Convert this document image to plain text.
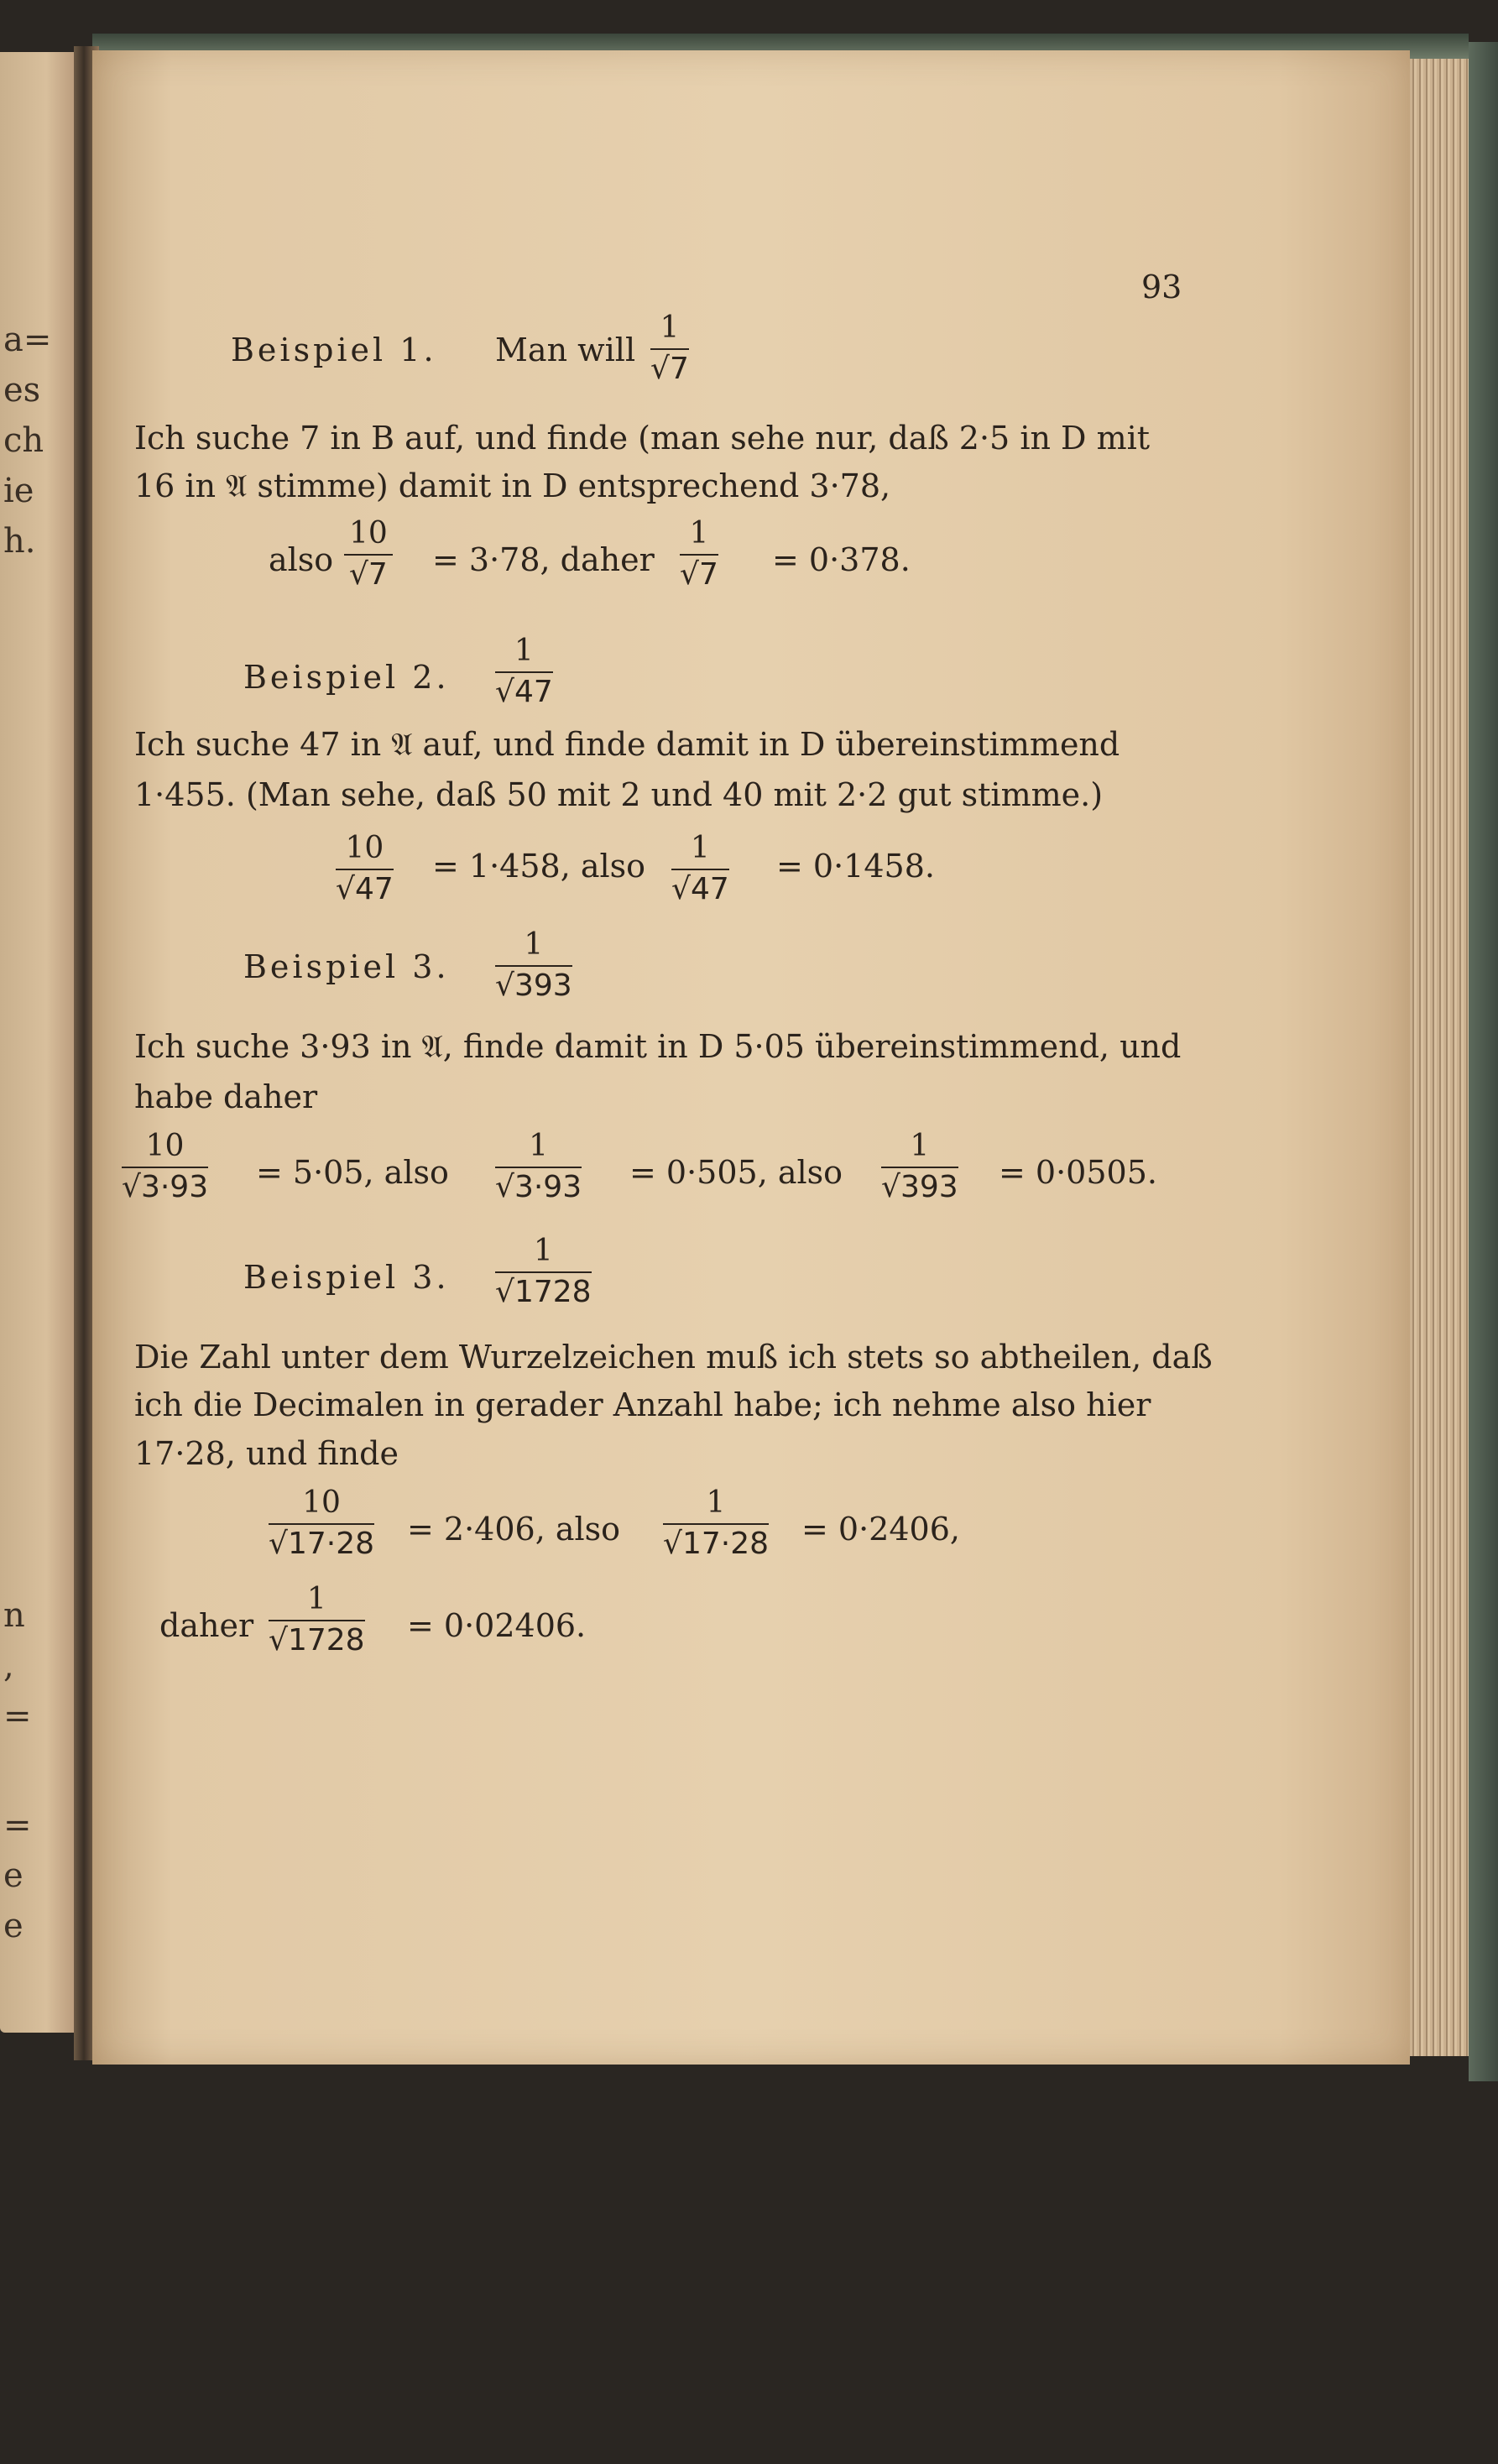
a=
es
ch
ie
h.
n
,
=
=
e
e
93
Beispiel 1. Man will
1
√7
Ich suche 7 in B auf, und finde (man sehe nur, daß 2·5 in D mit
16 in 𝔄 stimme) damit in D entsprechend 3·78,
also
10
√7 = 3·78, daher
1
√7 = 0·378.
Beispiel 2.
1
√47
Ich suche 47 in 𝔄 auf, und finde damit in D übereinstimmend
1·455. (Man sehe, daß 50 mit 2 und 40 mit 2·2 gut stimme.)
10
√47
= 1·458, also 1
√47
= 0·1458.
Beispiel 3.
1
√393
Ich suche 3·93 in 𝔄, finde damit in D 5·05 übereinstimmend, und
habe daher
10
√3·93 = 5·05, also
1
√3·93 = 0·505, also
1
√393 = 0·0505.
Beispiel 3.
1
√1728
Die Zahl unter dem Wurzelzeichen muß ich stets so abtheilen, daß
ich die Decimalen in gerader Anzahl habe; ich nehme also hier
17·28, und finde
10
√17·28 = 2·406, also
1
√17·28 = 0·2406,
daher
1
√1728 = 0·02406.
